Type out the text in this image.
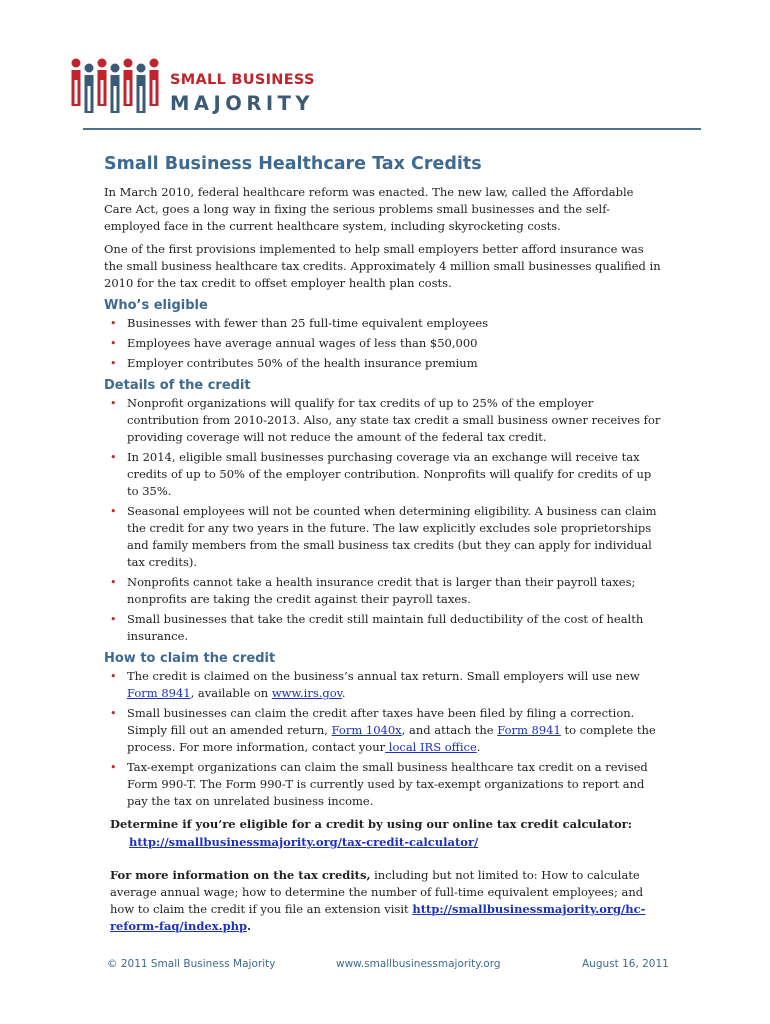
SMALL BUSINESS
MAJORITY
Small Business Healthcare Tax Credits

In March 2010, federal healthcare reform was enacted. The new law, called the Affordable Care Act, goes a long way in fixing the serious problems small businesses and the self-employed face in the current healthcare system, including skyrocketing costs.

One of the first provisions implemented to help small employers better afford insurance was the small business healthcare tax credits. Approximately 4 million small businesses qualified in 2010 for the tax credit to offset employer health plan costs.

Who’s eligible
• Businesses with fewer than 25 full-time equivalent employees
• Employees have average annual wages of less than $50,000
• Employer contributes 50% of the health insurance premium
Details of the credit
• Nonprofit organizations will qualify for tax credits of up to 25% of the employer contribution from 2010-2013. Also, any state tax credit a small business owner receives for providing coverage will not reduce the amount of the federal tax credit.
• In 2014, eligible small businesses purchasing coverage via an exchange will receive tax credits of up to 50% of the employer contribution. Nonprofits will qualify for credits of up to 35%.
• Seasonal employees will not be counted when determining eligibility. A business can claim the credit for any two years in the future. The law explicitly excludes sole proprietorships and family members from the small business tax credits (but they can apply for individual tax credits).
• Nonprofits cannot take a health insurance credit that is larger than their payroll taxes; nonprofits are taking the credit against their payroll taxes.
• Small businesses that take the credit still maintain full deductibility of the cost of health insurance.
How to claim the credit
• The credit is claimed on the business’s annual tax return. Small employers will use new Form 8941, available on www.irs.gov.
• Small businesses can claim the credit after taxes have been filed by filing a correction. Simply fill out an amended return, Form 1040x, and attach the Form 8941 to complete the process. For more information, contact your local IRS office.
• Tax-exempt organizations can claim the small business healthcare tax credit on a revised Form 990-T. The Form 990-T is currently used by tax-exempt organizations to report and pay the tax on unrelated business income.
Determine if you’re eligible for a credit by using our online tax credit calculator:
http://smallbusinessmajority.org/tax-credit-calculator/
For more information on the tax credits, including but not limited to: How to calculate average annual wage; how to determine the number of full-time equivalent employees; and how to claim the credit if you file an extension visit http://smallbusinessmajority.org/hc-reform-faq/index.php.
© 2011 Small Business Majority	www.smallbusinessmajority.org	August 16, 2011
